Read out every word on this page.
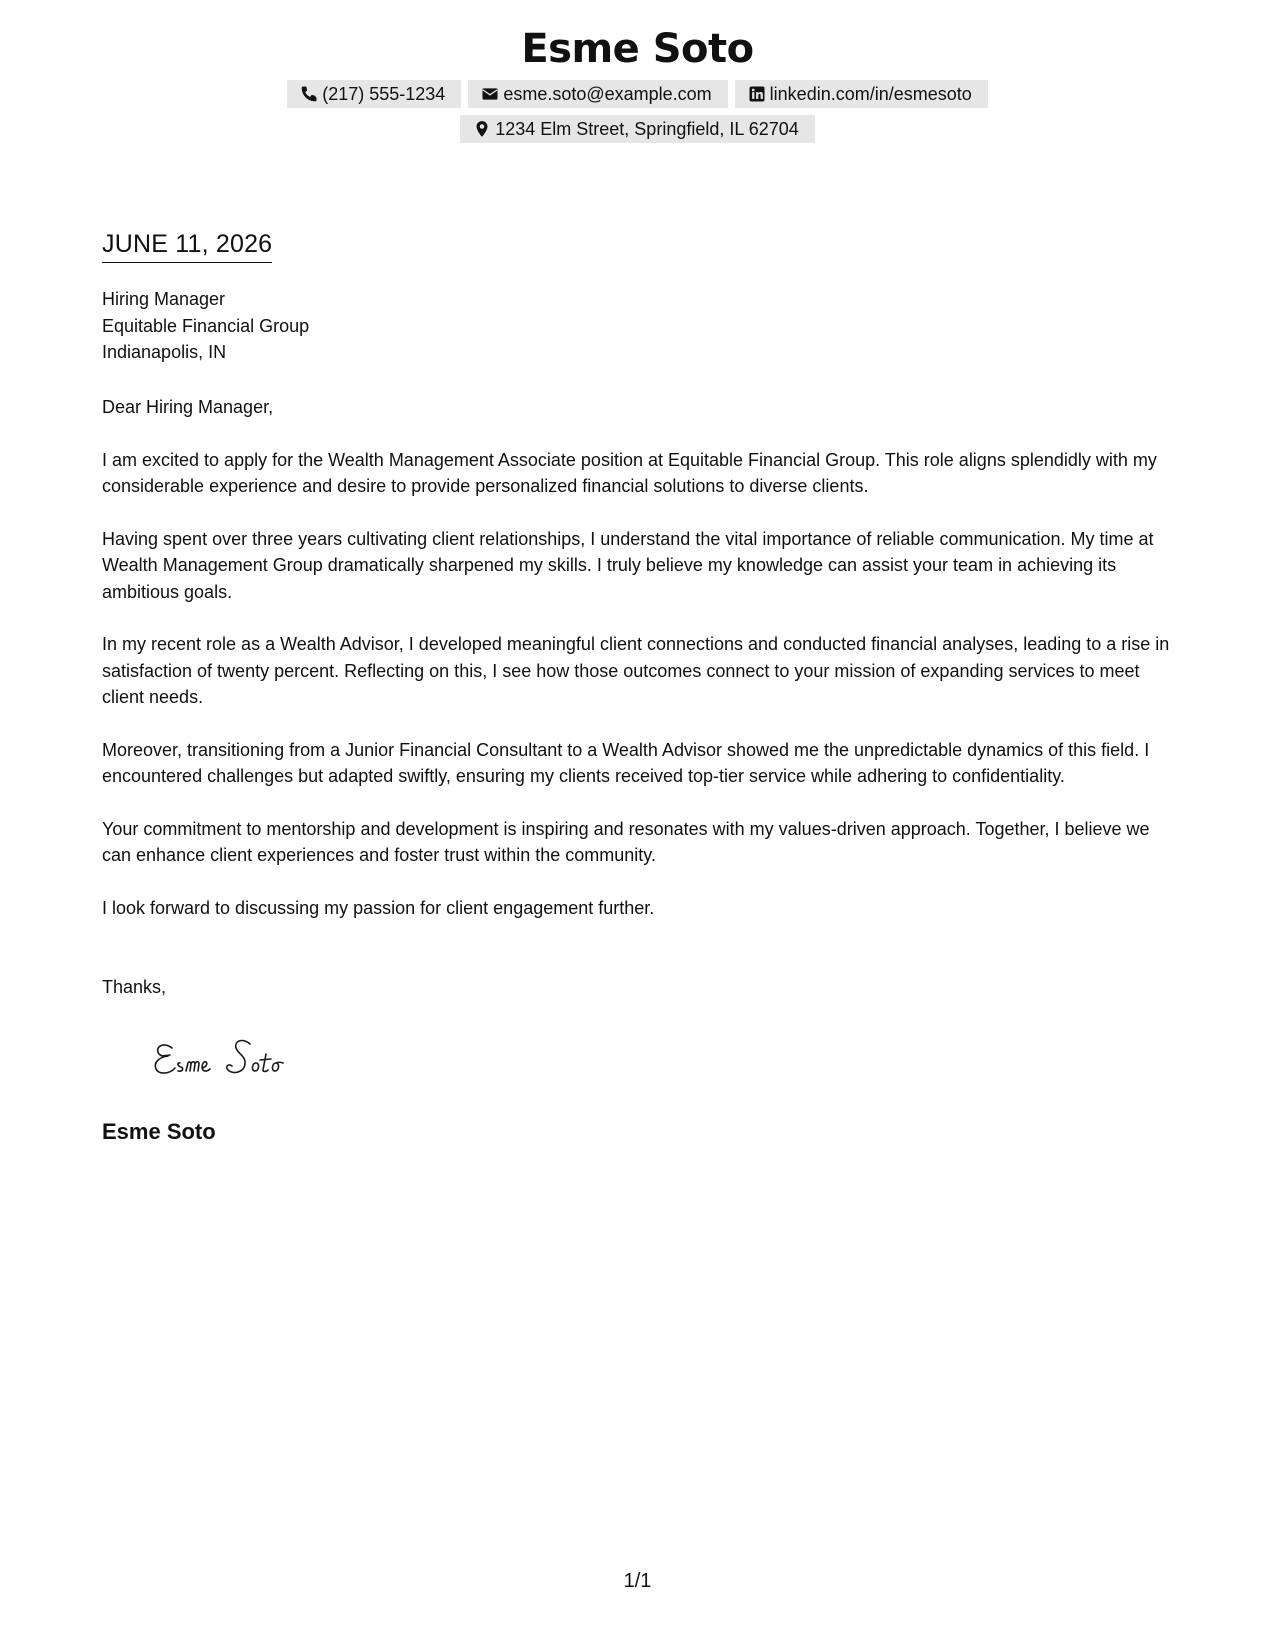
Esme Soto
(217) 555-1234	esme.soto@example.com	linkedin.com/in/esmesoto
1234 Elm Street, Springfield, IL 62704
JUNE 11, 2026
Hiring Manager
Equitable Financial Group
Indianapolis, IN

Dear Hiring Manager,

I am excited to apply for the Wealth Management Associate position at Equitable Financial Group. This role aligns splendidly with my considerable experience and desire to provide personalized financial solutions to diverse clients.

Having spent over three years cultivating client relationships, I understand the vital importance of reliable communication. My time at Wealth Management Group dramatically sharpened my skills. I truly believe my knowledge can assist your team in achieving its ambitious goals.

In my recent role as a Wealth Advisor, I developed meaningful client connections and conducted financial analyses, leading to a rise in satisfaction of twenty percent. Reflecting on this, I see how those outcomes connect to your mission of expanding services to meet client needs.

Moreover, transitioning from a Junior Financial Consultant to a Wealth Advisor showed me the unpredictable dynamics of this field. I encountered challenges but adapted swiftly, ensuring my clients received top-tier service while adhering to confidentiality.

Your commitment to mentorship and development is inspiring and resonates with my values-driven approach. Together, I believe we can enhance client experiences and foster trust within the community.

I look forward to discussing my passion for client engagement further.

Thanks,
Esme Soto
1/1
